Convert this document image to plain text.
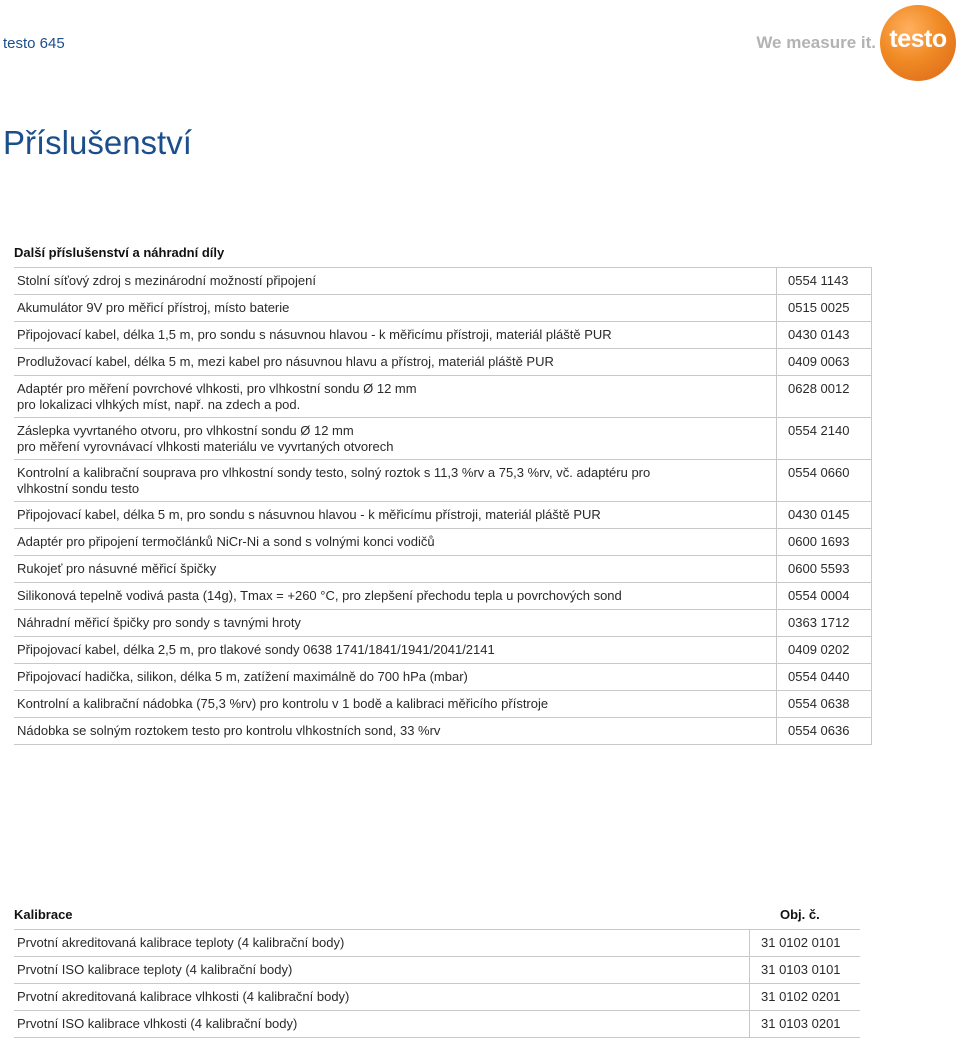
testo 645	We measure it. testo
Příslušenství
Další příslušenství a náhradní díly
Stolní síťový zdroj s mezinárodní možností připojení	0554 1143
Akumulátor 9V pro měřicí přístroj, místo baterie	0515 0025
Připojovací kabel, délka 1,5 m, pro sondu s násuvnou hlavou - k měřicímu přístroji, materiál pláště PUR	0430 0143
Prodlužovací kabel, délka 5 m, mezi kabel pro násuvnou hlavu a přístroj, materiál pláště PUR	0409 0063
Adaptér pro měření povrchové vlhkosti, pro vlhkostní sondu Ø 12 mm
pro lokalizaci vlhkých míst, např. na zdech a pod.	0628 0012
Záslepka vyvrtaného otvoru, pro vlhkostní sondu Ø 12 mm
pro měření vyrovnávací vlhkosti materiálu ve vyvrtaných otvorech	0554 2140
Kontrolní a kalibrační souprava pro vlhkostní sondy testo, solný roztok s 11,3 %rv a 75,3 %rv, vč. adaptéru pro
vlhkostní sondu testo	0554 0660
Připojovací kabel, délka 5 m, pro sondu s násuvnou hlavou - k měřicímu přístroji, materiál pláště PUR	0430 0145
Adaptér pro připojení termočlánků NiCr-Ni a sond s volnými konci vodičů	0600 1693
Rukojeť pro násuvné měřicí špičky	0600 5593
Silikonová tepelně vodivá pasta (14g), Tmax = +260 °C, pro zlepšení přechodu tepla u povrchových sond	0554 0004
Náhradní měřicí špičky pro sondy s tavnými hroty	0363 1712
Připojovací kabel, délka 2,5 m, pro tlakové sondy 0638 1741/1841/1941/2041/2141	0409 0202
Připojovací hadička, silikon, délka 5 m, zatížení maximálně do 700 hPa (mbar)	0554 0440
Kontrolní a kalibrační nádobka (75,3 %rv) pro kontrolu v 1 bodě a kalibraci měřicího přístroje	0554 0638
Nádobka se solným roztokem testo pro kontrolu vlhkostních sond, 33 %rv	0554 0636
Kalibrace	Obj. č.
Prvotní akreditovaná kalibrace teploty (4 kalibrační body)	31 0102 0101
Prvotní ISO kalibrace teploty (4 kalibrační body)	31 0103 0101
Prvotní akreditovaná kalibrace vlhkosti (4 kalibrační body)	31 0102 0201
Prvotní ISO kalibrace vlhkosti (4 kalibrační body)	31 0103 0201
